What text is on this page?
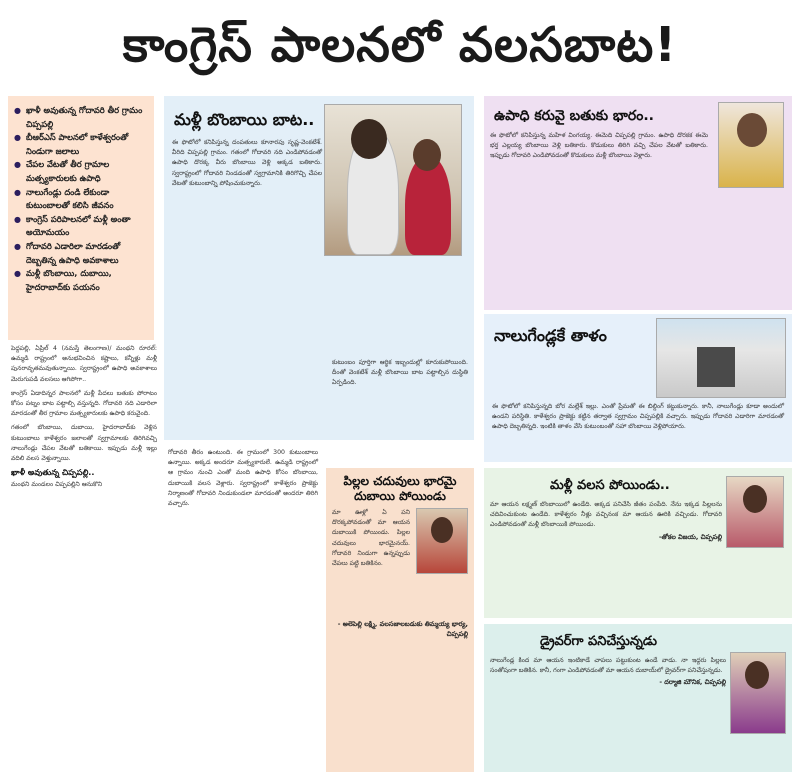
కాంగ్రెస్ పాలనలో వలసబాట!
● ఖాళీ అవుతున్న గోదావరి తీర గ్రామం చిప్పపల్లి
● బీఆర్ఎస్ పాలనలో కాళేశ్వరంతో నిండుగా జలాలు
● చేపల వేటతో తీర గ్రామాల మత్స్యకారులకు ఉపాధి
● నాలుగేండ్లు దండి లేకుండా కుటుంబాలతో కలిసి జీవనం
● కాంగ్రెస్ పరిపాలనలో మళ్లీ అంతా అయోమయం
● గోదావరి ఎడారిలా మారడంతో దెబ్బతిన్న ఉపాధి అవకాశాలు
● మళ్లీ బొంబాయి, దుబాయి, హైదరాబాద్‌కు పయనం

పెద్దపల్లి, ఏప్రిల్ 4 (నమస్తే తెలంగాణ)/ మంథని రూరల్: ఉమ్మడి రాష్ట్రంలో అనుభవించిన కష్టాలు, కన్నీళ్లు మళ్లీ పునరావృతమవుతున్నాయి. స్వరాష్ట్రంలో ఉపాధి అవకాశాలు మెరుగుపడి వలసలు ఆగిపోగా..

కాంగ్రెస్ ఏడాదిన్నర పాలనలో మళ్లీ పేదలు బతుకు పోరాటం కోసం పట్నం బాట పట్టాల్సి వస్తున్నది. గోదావరి నది ఎడారిలా మారడంతో తీర గ్రామాల మత్స్యకారులకు ఉపాధి కరువైంది.

గతంలో బొంబాయి, దుబాయి, హైదరాబాద్‌కు వెళ్లిన కుటుంబాలు కాళేశ్వరం జలాలతో స్వగ్రామాలకు తిరిగివచ్చి నాలుగేండ్లు చేపల వేటతో బతికాయి. ఇప్పుడు మళ్లీ ఇల్లు వదిలి వలస వెళ్తున్నాయి.

ఖాళీ అవుతున్న చిప్పపల్లి..

మంథని మండలం చిప్పపల్లిని ఆనుకొని

మళ్లీ బొంబాయి బాట..
ఈ ఫొటోలో కనిపిస్తున్న దంపతులు కూనారపు సృష్ణ-వెంకటేశ్. వీరిది చిప్పపల్లి గ్రామం. గతంలో గోదావరి నది ఎండిపోవడంతో ఉపాధి దొరక్క వీరు బొంబాయి వెళ్లి అక్కడ బతికారు. స్వరాష్ట్రంలో గోదావరి నిండడంతో స్వగ్రామానికి తిరిగొచ్చి చేపల వేటతో కుటుంబాన్ని పోషించుకున్నారు.
కుటుంబం పూర్తిగా ఆర్థిక ఇబ్బందుల్లో కూరుకుపోయింది. దీంతో వెంకటేశ్ మళ్లీ బొంబాయి బాట పట్టాల్సిన దుస్థితి ఏర్పడింది.
గోదావరి తీరం ఉంటుంది. ఈ గ్రామంలో 300 కుటుంబాలు ఉన్నాయి. అక్కడ అందరూ మత్స్యకారులే. ఉమ్మడి రాష్ట్రంలో ఆ గ్రామం నుంచి ఎంతో మంది ఉపాధి కోసం బొంబాయి, దుబాయికి వలస వెళ్లారు. స్వరాష్ట్రంలో కాళేశ్వరం ప్రాజెక్టు నిర్మాణంతో గోదావరి నిండుకుండలా మారడంతో అందరూ తిరిగి వచ్చారు.
పిల్లల చదువులు భారమై దుబాయి పోయిండు
మా ఊళ్లో ఏ పని దొరక్కపోవడంతో మా ఆయన దుబాయికి పోయిండు. పిల్లల చదువులు భారమైనయ్. గోదావరి నిండుగా ఉన్నప్పుడు చేపలు పట్టి బతికినం.
- అలెపెల్లి లక్ష్మి, వలసజాలబడుకు తిమ్మయ్య భార్య, చిప్పపల్లి
ఉపాధి కరువై బతుకు భారం..
ఈ ఫొటోలో కనిపిస్తున్న మహిళ వింగయ్య. ఈమెది చిప్పపల్లి గ్రామం. ఉపాధి దొరకక ఈమె భర్త ఎల్లయ్య బొంబాయి వెళ్లి బతికారు. కొడుకులు తిరిగి వచ్చి చేపల వేటతో బతికారు. ఇప్పుడు గోదావరి ఎండిపోవడంతో కొడుకులు మళ్లీ బొంబాయి వెళ్లారు.
నాలుగేండ్లకే తాళం
ఈ ఫొటోలో కనిపిస్తున్నది బోర మల్లేశ్ ఇల్లు. ఎంతో ప్రేమతో ఈ బిల్డింగ్ కట్టుకున్నారు. కానీ, నాలుగేండ్లు కూడా అందులో ఉండని పరిస్థితి. కాళేశ్వరం ప్రాజెక్టు కట్టిన తర్వాత స్వగ్రామం చిప్పపల్లికి వచ్చారు. ఇప్పుడు గోదావరి ఎడారిగా మారడంతో ఉపాధి దెబ్బతిన్నది. ఇంటికి తాళం వేసి కుటుంబంతో సహా బొంబాయి వెళ్లిపోయారు.
మళ్లీ వలస పోయిండు..
మా ఆయన లక్ష్మణ్ బొంబాయిలో ఉండేది. అక్కడ పనిచేసి జీతం పంపేది. నేను ఇక్కడ పిల్లలను చదివించుకుంట ఉండేది. కాళేశ్వరం నీళ్లు వచ్చినంక మా ఆయన ఊరికి వచ్చిండు. గోదావరి ఎండిపోవడంతో మళ్లీ బొంబాయికి పోయిండు.
-తోకల విజయ, చిప్పపల్లి
డ్రైవర్‌గా పనిచేస్తున్నడు
నాలుగేండ్ల కింద మా ఆయన ఇంటికాడే చాపలు పట్టుకుంట ఉండే వాడు. నా ఇద్దరు పిల్లలు సంతోషంగా బతికిన. కానీ, గంగా ఎండిపోవడంతో మా ఆయన దుబాయ్‌లో డ్రైవర్‌గా పనిచేస్తున్నడు.
- దర్మాజి మౌనిక, చిప్పపల్లి
